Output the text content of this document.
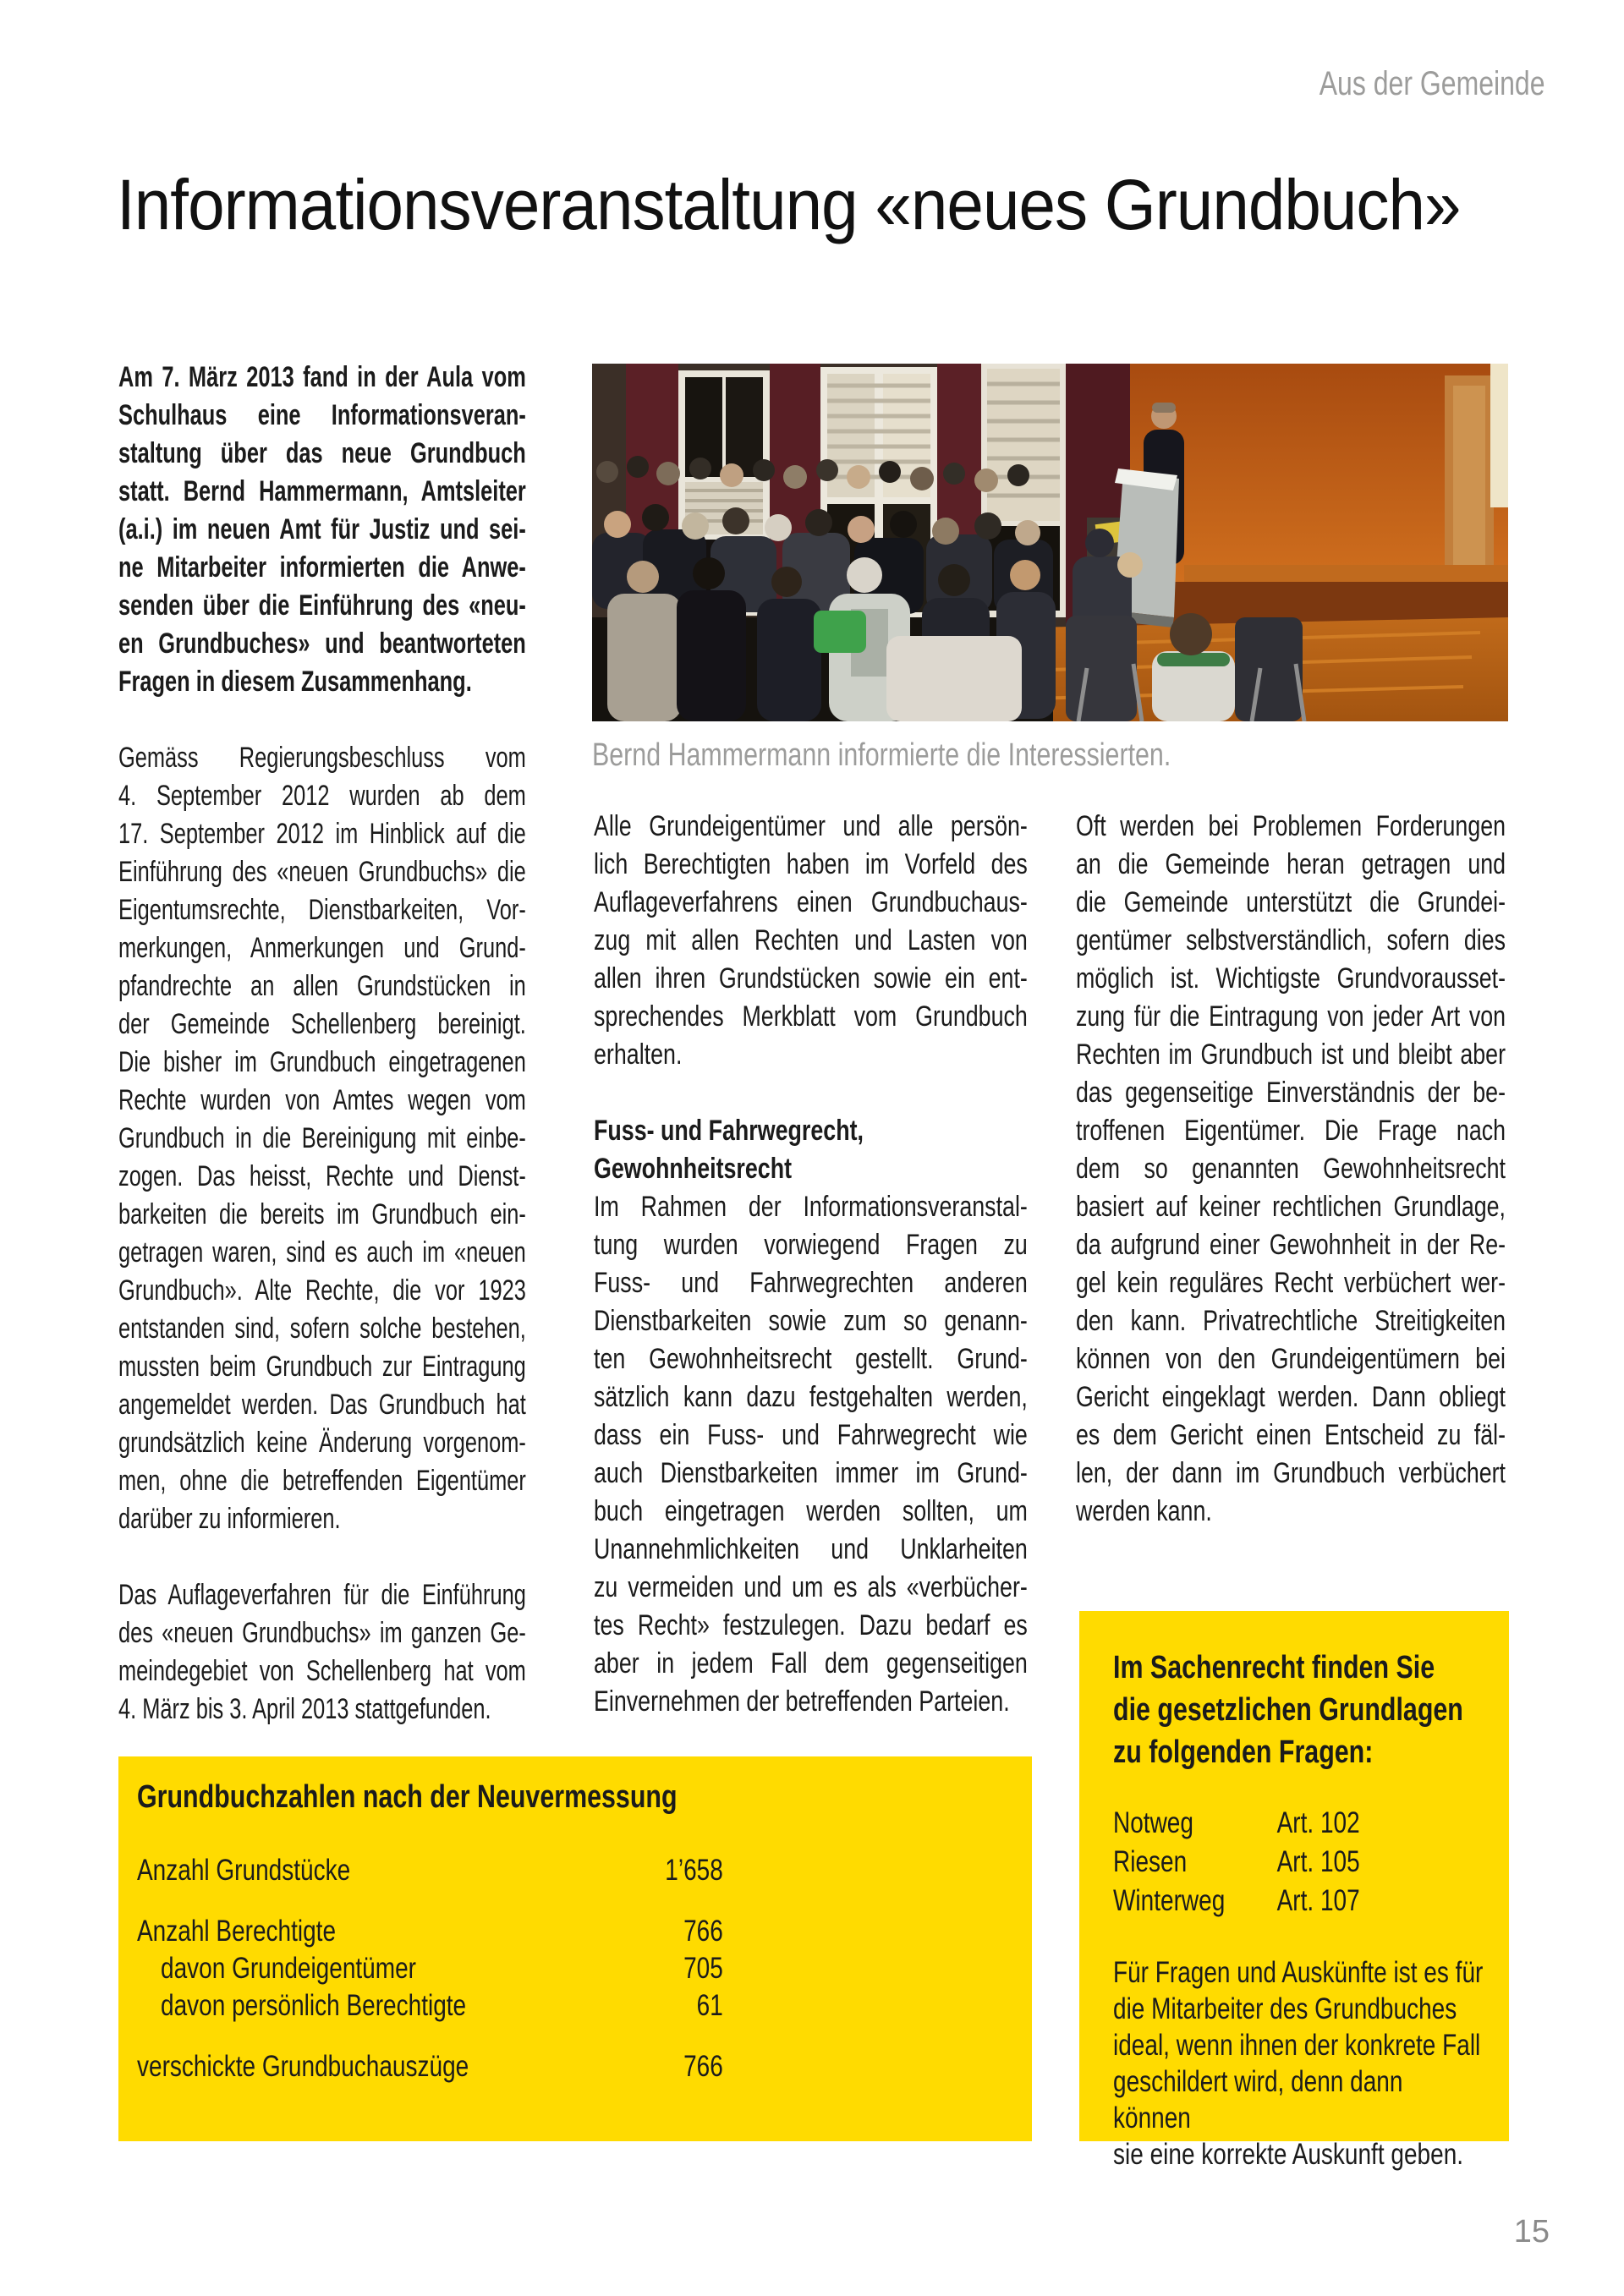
Aus der Gemeinde
Informationsveranstaltung «neues Grundbuch»
Bernd Hammermann informierte die Interessierten.
Am 7. März 2013 fand in der Aula vom
Schulhaus eine Informationsveran-
staltung über das neue Grundbuch
statt. Bernd Hammermann, Amtsleiter
(a.i.) im neuen Amt für Justiz und sei-
ne Mitarbeiter informierten die Anwe-
senden über die Einführung des «neu-
en Grundbuches» und beantworteten
Fragen in diesem Zusammenhang.
Gemäss Regierungsbeschluss vom
4. September 2012 wurden ab dem
17. September 2012 im Hinblick auf die
Einführung des «neuen Grundbuchs» die
Eigentumsrechte, Dienstbarkeiten, Vor-
merkungen, Anmerkungen und Grund-
pfandrechte an allen Grundstücken in
der Gemeinde Schellenberg bereinigt.
Die bisher im Grundbuch eingetragenen
Rechte wurden von Amtes wegen vom
Grundbuch in die Bereinigung mit einbe-
zogen. Das heisst, Rechte und Dienst-
barkeiten die bereits im Grundbuch ein-
getragen waren, sind es auch im «neuen
Grundbuch». Alte Rechte, die vor 1923
entstanden sind, sofern solche bestehen,
mussten beim Grundbuch zur Eintragung
angemeldet werden. Das Grundbuch hat
grundsätzlich keine Änderung vorgenom-
men, ohne die betreffenden Eigentümer
darüber zu informieren.
Das Auflageverfahren für die Einführung
des «neuen Grundbuchs» im ganzen Ge-
meindegebiet von Schellenberg hat vom
4. März bis 3. April 2013 stattgefunden.
Alle Grundeigentümer und alle persön-
lich Berechtigten haben im Vorfeld des
Auflageverfahrens einen Grundbuchaus-
zug mit allen Rechten und Lasten von
allen ihren Grundstücken sowie ein ent-
sprechendes Merkblatt vom Grundbuch
erhalten.
Fuss- und Fahrwegrecht,
Gewohnheitsrecht
Im Rahmen der Informationsveranstal-
tung wurden vorwiegend Fragen zu
Fuss- und Fahrwegrechten anderen
Dienstbarkeiten sowie zum so genann-
ten Gewohnheitsrecht gestellt. Grund-
sätzlich kann dazu festgehalten werden,
dass ein Fuss- und Fahrwegrecht wie
auch Dienstbarkeiten immer im Grund-
buch eingetragen werden sollten, um
Unannehmlichkeiten und Unklarheiten
zu vermeiden und um es als «verbücher-
tes Recht» festzulegen. Dazu bedarf es
aber in jedem Fall dem gegenseitigen
Einvernehmen der betreffenden Parteien.
Oft werden bei Problemen Forderungen
an die Gemeinde heran getragen und
die Gemeinde unterstützt die Grundei-
gentümer selbstverständlich, sofern dies
möglich ist. Wichtigste Grundvorausset-
zung für die Eintragung von jeder Art von
Rechten im Grundbuch ist und bleibt aber
das gegenseitige Einverständnis der be-
troffenen Eigentümer. Die Frage nach
dem so genannten Gewohnheitsrecht
basiert auf keiner rechtlichen Grundlage,
da aufgrund einer Gewohnheit in der Re-
gel kein reguläres Recht verbüchert wer-
den kann. Privatrechtliche Streitigkeiten
können von den Grundeigentümern bei
Gericht eingeklagt werden. Dann obliegt
es dem Gericht einen Entscheid zu fäl-
len, der dann im Grundbuch verbüchert
werden kann.
Grundbuchzahlen nach der Neuvermessung
Anzahl Grundstücke	1’658
Anzahl Berechtigte	766
davon Grundeigentümer	705
davon persönlich Berechtigte	61
verschickte Grundbuchauszüge	766
Im Sachenrecht finden Sie
die gesetzlichen Grundlagen
zu folgenden Fragen:
Notweg	Art. 102
Riesen	Art. 105
Winterweg	Art. 107
Für Fragen und Auskünfte ist es für
die Mitarbeiter des Grundbuches
ideal, wenn ihnen der konkrete Fall
geschildert wird, denn dann können
sie eine korrekte Auskunft geben.
15
